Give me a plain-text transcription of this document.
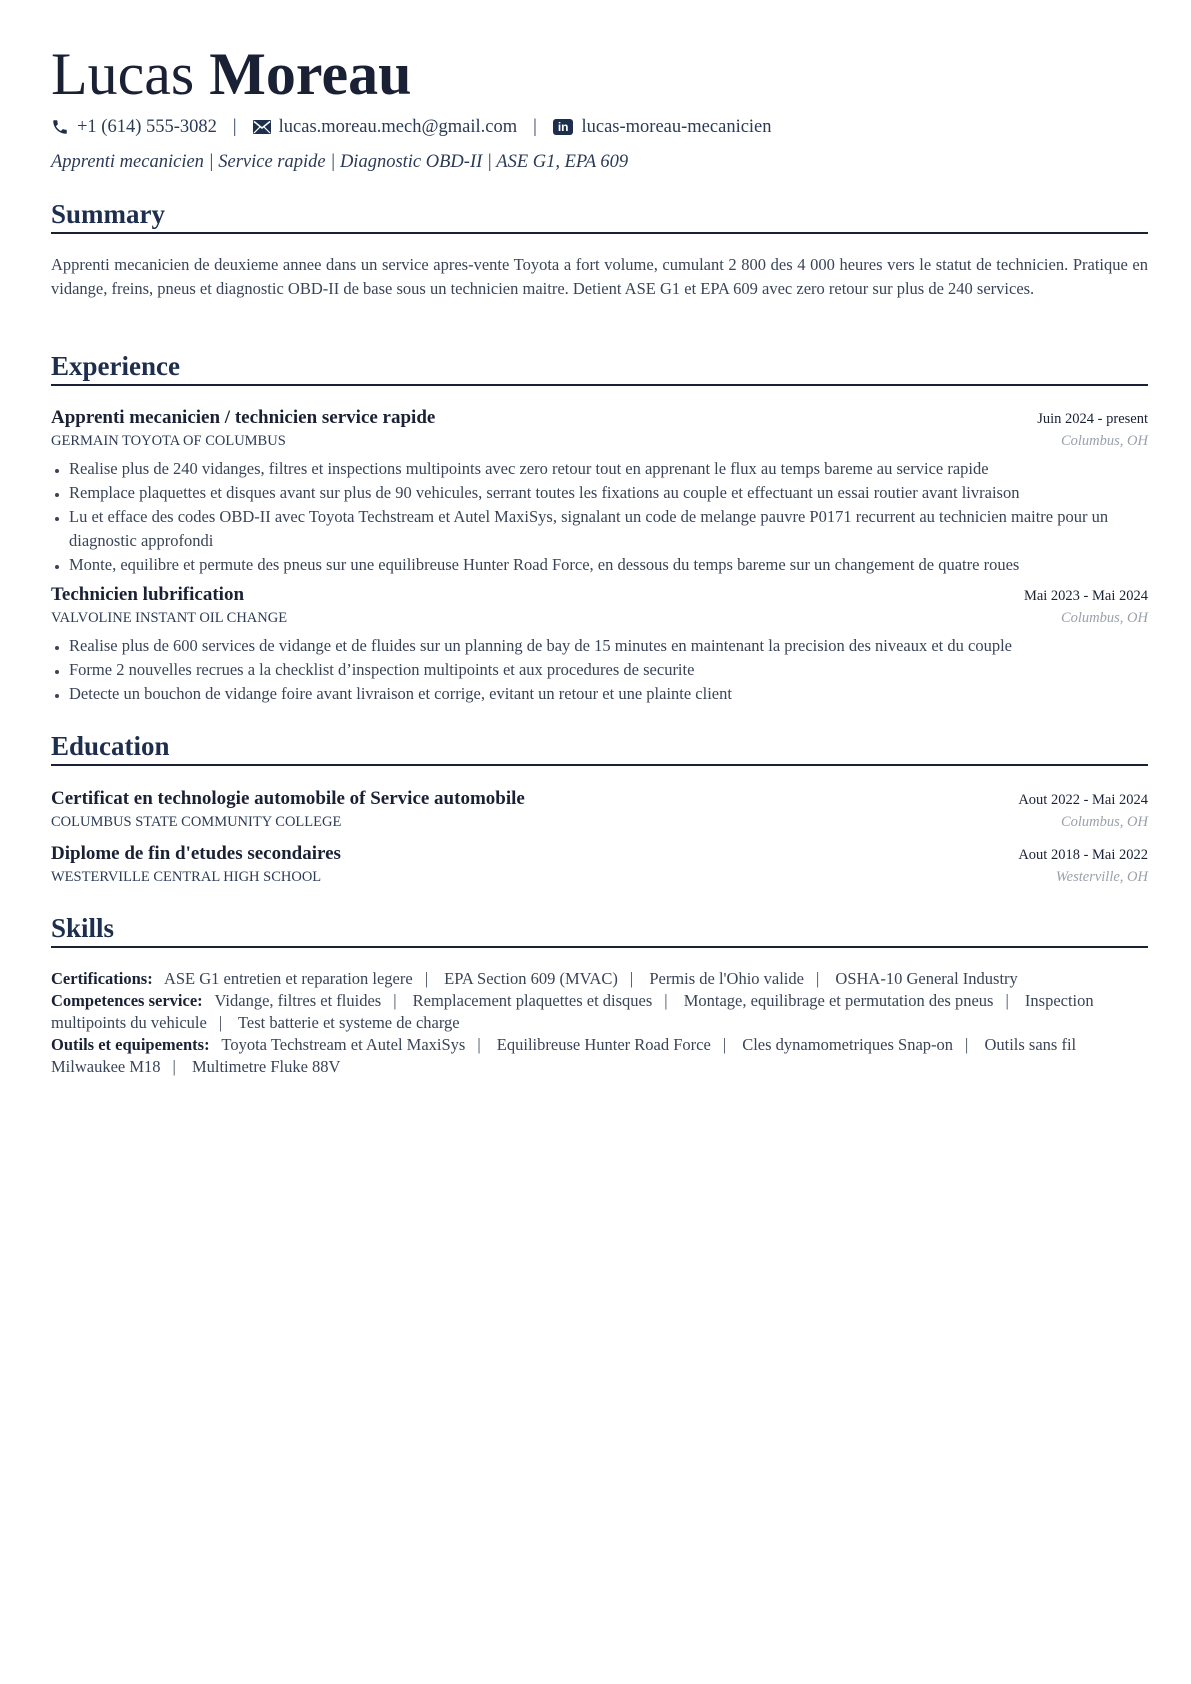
Lucas Moreau
+1 (614) 555-3082 | lucas.moreau.mech@gmail.com |	in lucas-moreau-mecanicien
Apprenti mecanicien | Service rapide | Diagnostic OBD-II | ASE G1, EPA 609
Summary
Apprenti mecanicien de deuxieme annee dans un service apres-vente Toyota a fort volume, cumulant 2 800 des 4 000 heures vers le statut de technicien. Pratique en vidange, freins, pneus et diagnostic OBD-II de base sous un technicien maitre. Detient ASE G1 et EPA 609 avec zero retour sur plus de 240 services.
Experience
Apprenti mecanicien / technicien service rapide	Juin 2024 - present
GERMAIN TOYOTA OF COLUMBUS	Columbus, OH
• Realise plus de 240 vidanges, filtres et inspections multipoints avec zero retour tout en apprenant le flux au temps bareme au service rapide
• Remplace plaquettes et disques avant sur plus de 90 vehicules, serrant toutes les fixations au couple et effectuant un essai routier avant livraison
• Lu et efface des codes OBD-II avec Toyota Techstream et Autel MaxiSys, signalant un code de melange pauvre P0171 recurrent au technicien maitre pour un diagnostic approfondi
• Monte, equilibre et permute des pneus sur une equilibreuse Hunter Road Force, en dessous du temps bareme sur un changement de quatre roues
Technicien lubrification	Mai 2023 - Mai 2024
VALVOLINE INSTANT OIL CHANGE	Columbus, OH
• Realise plus de 600 services de vidange et de fluides sur un planning de bay de 15 minutes en maintenant la precision des niveaux et du couple
• Forme 2 nouvelles recrues a la checklist d’inspection multipoints et aux procedures de securite
• Detecte un bouchon de vidange foire avant livraison et corrige, evitant un retour et une plainte client
Education
Certificat en technologie automobile of Service automobile	Aout 2022 - Mai 2024
COLUMBUS STATE COMMUNITY COLLEGE	Columbus, OH
Diplome de fin d'etudes secondaires	Aout 2018 - Mai 2022
WESTERVILLE CENTRAL HIGH SCHOOL	Westerville, OH
Skills

Certifications: ASE G1 entretien et reparation legere | EPA Section 609 (MVAC) | Permis de l'Ohio valide | OSHA-10 General Industry

Competences service: Vidange, filtres et fluides | Remplacement plaquettes et disques | Montage, equilibrage et permutation des pneus | Inspection multipoints du vehicule | Test batterie et systeme de charge

Outils et equipements: Toyota Techstream et Autel MaxiSys | Equilibreuse Hunter Road Force | Cles dynamometriques Snap-on | Outils sans fil Milwaukee M18 | Multimetre Fluke 88V
